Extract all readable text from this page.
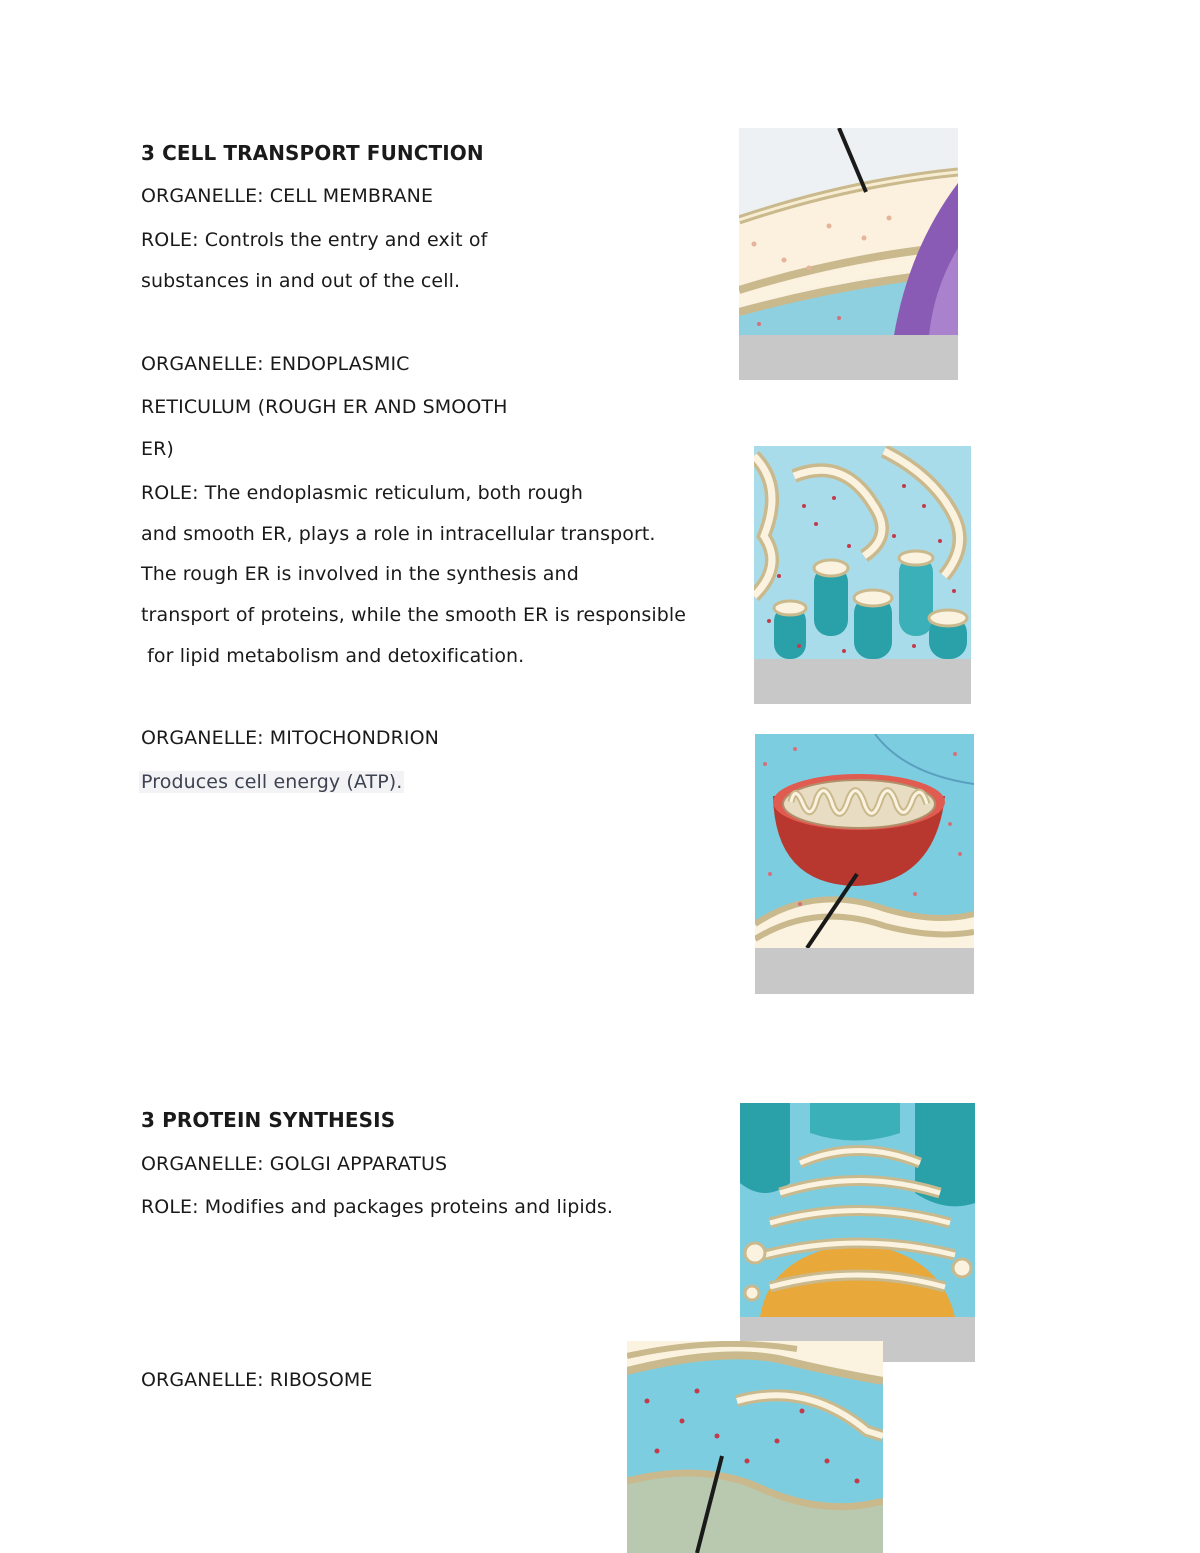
3 CELL TRANSPORT FUNCTION
ORGANELLE: CELL MEMBRANE
ROLE: Controls the entry and exit of
substances in and out of the cell.
ORGANELLE: ENDOPLASMIC
RETICULUM (ROUGH ER AND SMOOTH
ER)
ROLE: The endoplasmic reticulum, both rough
and smooth ER, plays a role in intracellular transport.
The rough ER is involved in the synthesis and
transport of proteins, while the smooth ER is responsible
for lipid metabolism and detoxification.
ORGANELLE: MITOCHONDRION
Produces cell energy (ATP).
3 PROTEIN SYNTHESIS
ORGANELLE: GOLGI APPARATUS
ROLE: Modifies and packages proteins and lipids.
ORGANELLE: RIBOSOME
